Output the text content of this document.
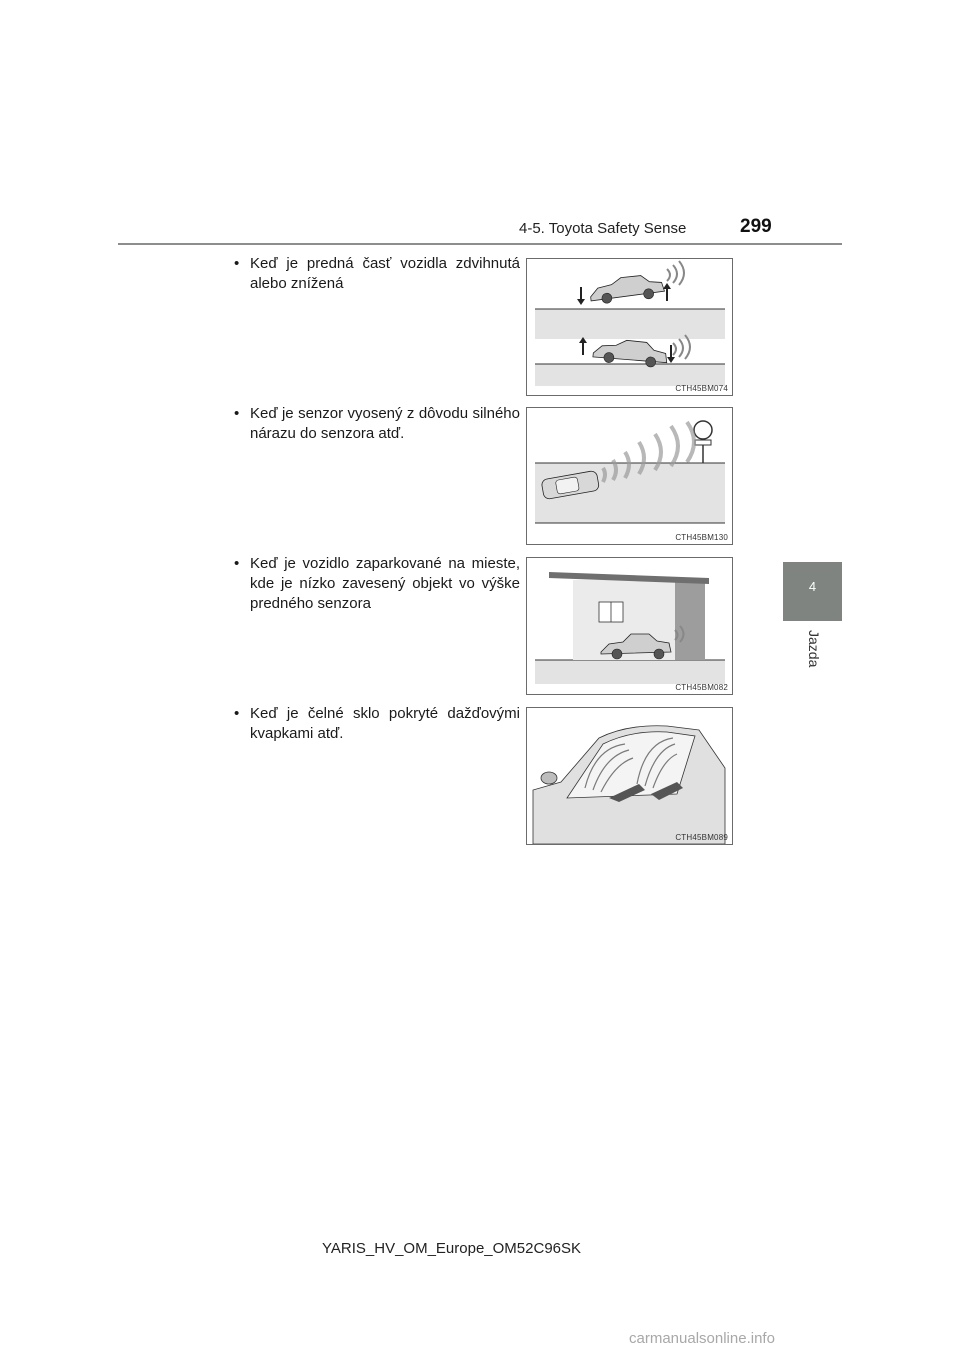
4-5. Toyota Safety Sense	299
4
Jazda
• Keď je predná časť vozidla zdvihnutá alebo znížená
CTH45BM074
• Keď je senzor vyosený z dôvodu silného nárazu do senzora atď.
CTH45BM130
• Keď je vozidlo zaparkované na mieste, kde je nízko zavesený objekt vo výške predného senzora
CTH45BM082
• Keď je čelné sklo pokryté dažďovými kvapkami atď.
CTH45BM089
YARIS_HV_OM_Europe_OM52C96SK
carmanualsonline.info
